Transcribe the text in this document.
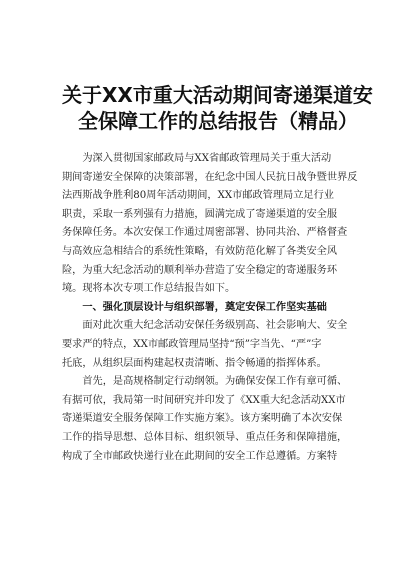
关于XX市重大活动期间寄递渠道安
全保障工作的总结报告（精品）

　　为深入贯彻国家邮政局与XX省邮政管理局关于重大活动
期间寄递安全保障的决策部署，在纪念中国人民抗日战争暨世界反
法西斯战争胜利80周年活动期间，XX市邮政管理局立足行业
职责，采取一系列强有力措施，圆满完成了寄递渠道的安全服
务保障任务。本次安保工作通过周密部署、协同共治、严格督查
与高效应急相结合的系统性策略，有效防范化解了各类安全风
险，为重大纪念活动的顺利举办营造了安全稳定的寄递服务环
境。现将本次专项工作总结报告如下。

　　一、强化顶层设计与组织部署，奠定安保工作坚实基础

　　面对此次重大纪念活动安保任务级别高、社会影响大、安全
要求严的特点，XX市邮政管理局坚持“预”字当先、“严”字
托底，从组织层面构建起权责清晰、指令畅通的指挥体系。

　　首先，是高规格制定行动纲领。为确保安保工作有章可循、
有据可依，我局第一时间研究并印发了《XX重大纪念活动XX市
寄递渠道安全服务保障工作实施方案》。该方案明确了本次安保
工作的指导思想、总体目标、组织领导、重点任务和保障措施，
构成了全市邮政快递行业在此期间的安全工作总遵循。方案特
